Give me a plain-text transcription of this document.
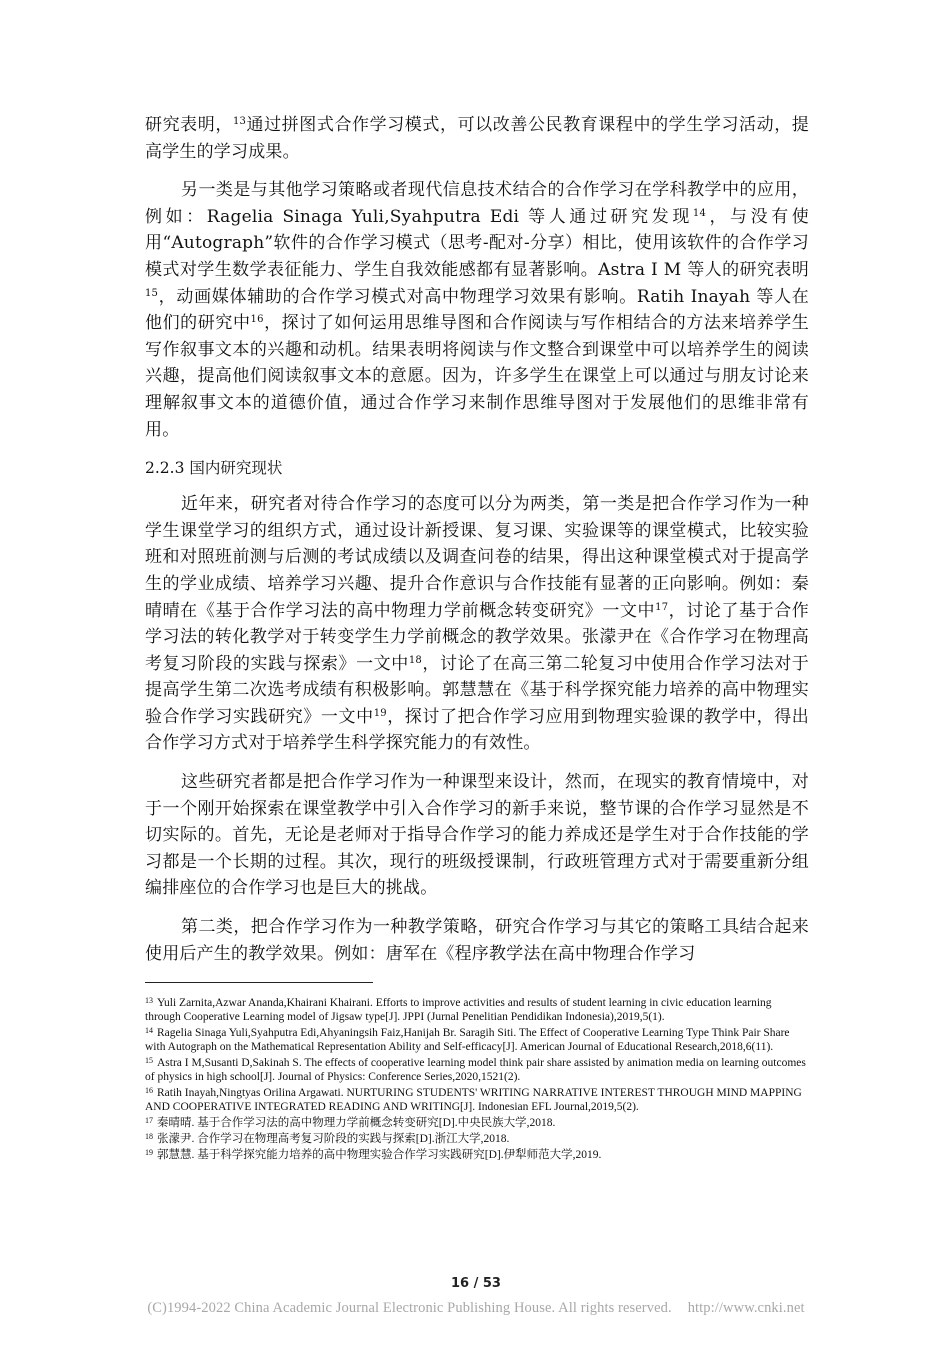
研究表明，$^{13}$通过拼图式合作学习模式，可以改善公民教育课程中的学生学习活动，提高学生的学习成果。

另一类是与其他学习策略或者现代信息技术结合的合作学习在学科教学中的应用，例如：Ragelia Sinaga Yuli,Syahputra Edi 等人通过研究发现$^{14}$，与没有使用“Autograph”软件的合作学习模式（思考-配对-分享）相比，使用该软件的合作学习模式对学生数学表征能力、学生自我效能感都有显著影响。Astra I M 等人的研究表明$^{15}$，动画媒体辅助的合作学习模式对高中物理学习效果有影响。Ratih Inayah 等人在他们的研究中$^{16}$，探讨了如何运用思维导图和合作阅读与写作相结合的方法来培养学生写作叙事文本的兴趣和动机。结果表明将阅读与作文整合到课堂中可以培养学生的阅读兴趣，提高他们阅读叙事文本的意愿。因为，许多学生在课堂上可以通过与朋友讨论来理解叙事文本的道德价值，通过合作学习来制作思维导图对于发展他们的思维非常有用。

2.2.3 国内研究现状

近年来，研究者对待合作学习的态度可以分为两类，第一类是把合作学习作为一种学生课堂学习的组织方式，通过设计新授课、复习课、实验课等的课堂模式，比较实验班和对照班前测与后测的考试成绩以及调查问卷的结果，得出这种课堂模式对于提高学生的学业成绩、培养学习兴趣、提升合作意识与合作技能有显著的正向影响。例如：秦晴晴在《基于合作学习法的高中物理力学前概念转变研究》一文中$^{17}$，讨论了基于合作学习法的转化教学对于转变学生力学前概念的教学效果。张濛尹在《合作学习在物理高考复习阶段的实践与探索》一文中$^{18}$，讨论了在高三第二轮复习中使用合作学习法对于提高学生第二次选考成绩有积极影响。郭慧慧在《基于科学探究能力培养的高中物理实验合作学习实践研究》一文中$^{19}$，探讨了把合作学习应用到物理实验课的教学中，得出合作学习方式对于培养学生科学探究能力的有效性。

这些研究者都是把合作学习作为一种课型来设计，然而，在现实的教育情境中，对于一个刚开始探索在课堂教学中引入合作学习的新手来说，整节课的合作学习显然是不切实际的。首先，无论是老师对于指导合作学习的能力养成还是学生对于合作技能的学习都是一个长期的过程。其次，现行的班级授课制，行政班管理方式对于需要重新分组编排座位的合作学习也是巨大的挑战。

第二类，把合作学习作为一种教学策略，研究合作学习与其它的策略工具结合起来使用后产生的教学效果。例如：唐军在《程序教学法在高中物理合作学习

$^{13}$ Yuli Zarnita,Azwar Ananda,Khairani Khairani. Efforts to improve activities and results of student learning in civic education learning through Cooperative Learning model of Jigsaw type[J]. JPPI (Jurnal Penelitian Pendidikan Indonesia),2019,5(1).

$^{14}$ Ragelia Sinaga Yuli,Syahputra Edi,Ahyaningsih Faiz,Hanijah Br. Saragih Siti. The Effect of Cooperative Learning Type Think Pair Share with Autograph on the Mathematical Representation Ability and Self-efficacy[J]. American Journal of Educational Research,2018,6(11).

$^{15}$ Astra I M,Susanti D,Sakinah S. The effects of cooperative learning model think pair share assisted by animation media on learning outcomes of physics in high school[J]. Journal of Physics: Conference Series,2020,1521(2).

$^{16}$ Ratih Inayah,Ningtyas Orilina Argawati. NURTURING STUDENTS' WRITING NARRATIVE INTEREST THROUGH MIND MAPPING AND COOPERATIVE INTEGRATED READING AND WRITING[J]. Indonesian EFL Journal,2019,5(2).

$^{17}$ 秦晴晴. 基于合作学习法的高中物理力学前概念转变研究[D].中央民族大学,2018.

$^{18}$ 张濛尹. 合作学习在物理高考复习阶段的实践与探索[D].浙江大学,2018.

$^{19}$ 郭慧慧. 基于科学探究能力培养的高中物理实验合作学习实践研究[D].伊犁师范大学,2019.

16 / 53
(C)1994-2022 China Academic Journal Electronic Publishing House. All rights reserved. http://www.cnki.net
